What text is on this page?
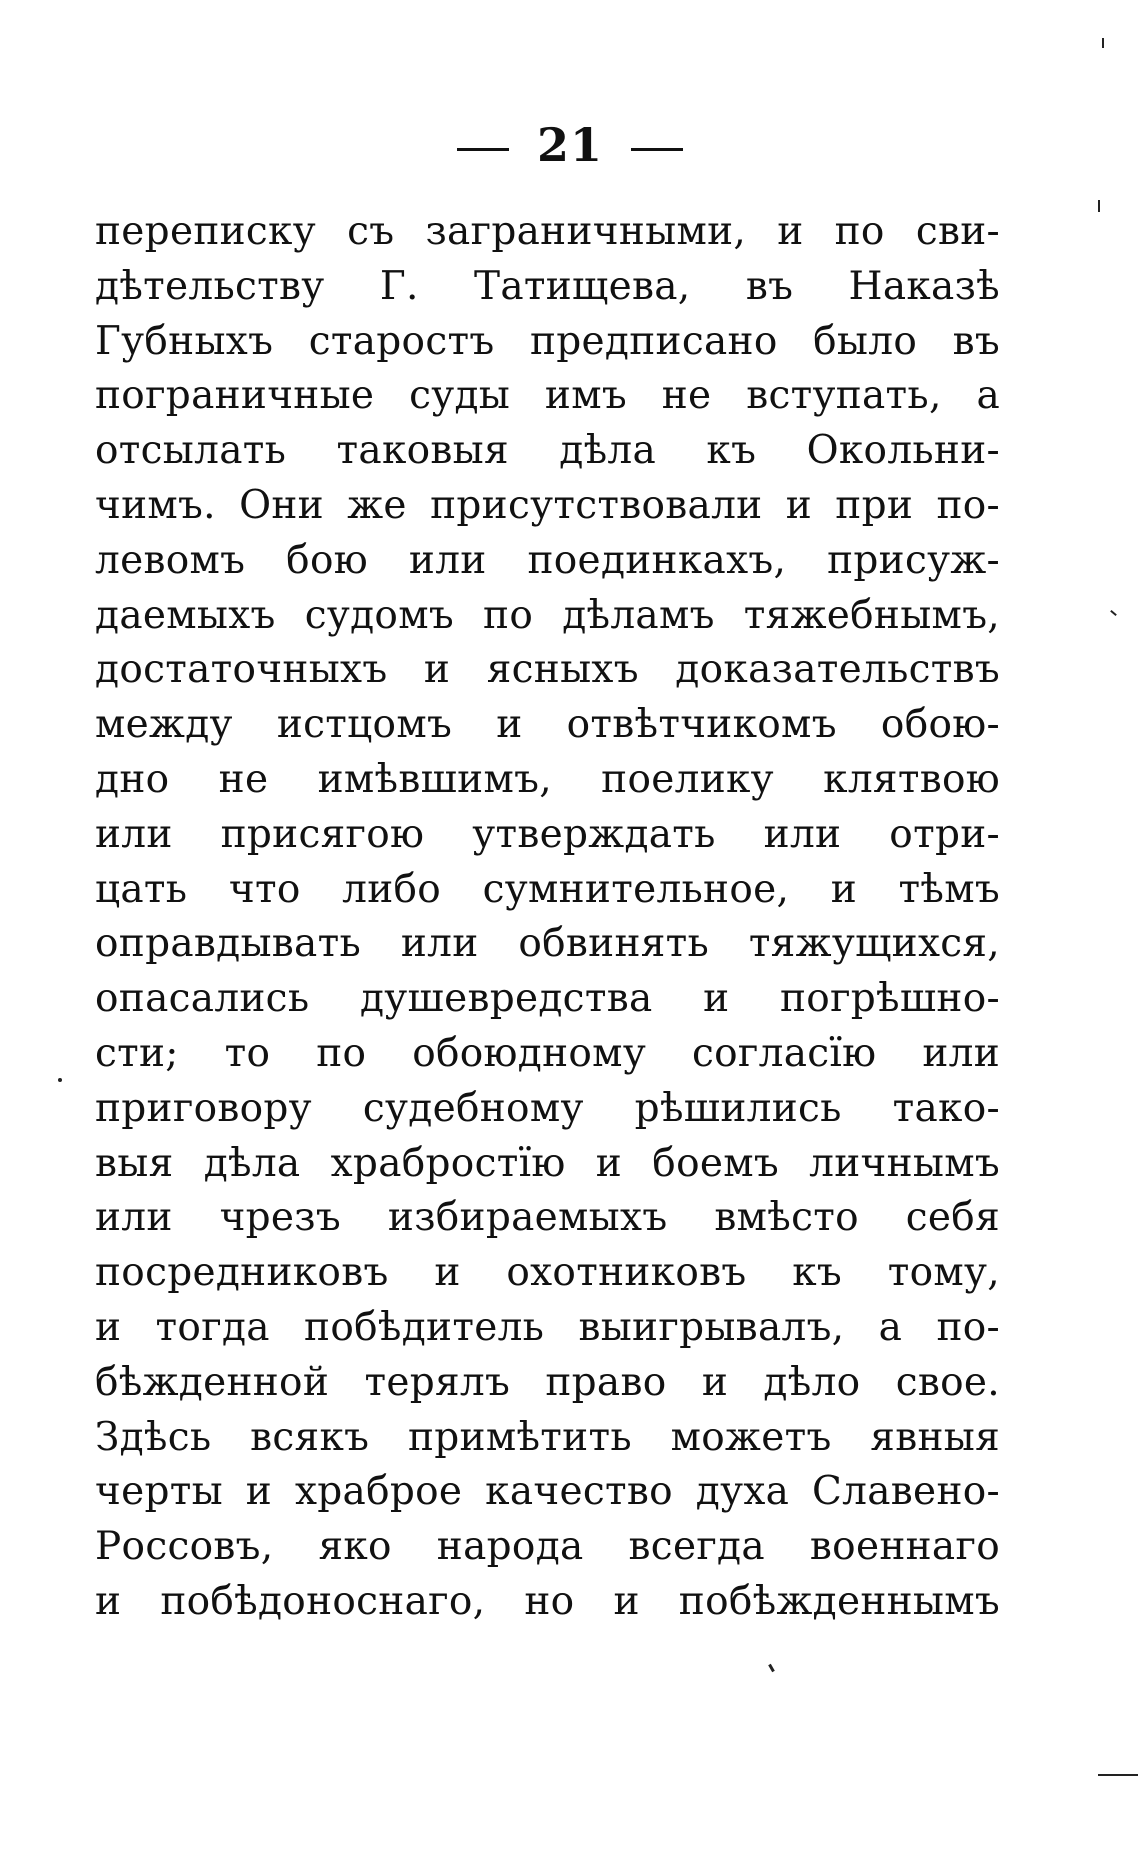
21
переписку съ заграничными, и по сви-
дѣтельству Г. Татищева, въ Наказѣ
Губныхъ старостъ предписано было въ
пограничные суды имъ не вступать, а
отсылать таковыя дѣла къ Окольни-
чимъ. Они же присутствовали и при по-
левомъ бою или поединкахъ, присуж-
даемыхъ судомъ по дѣламъ тяжебнымъ,
достаточныхъ и ясныхъ доказательствъ
между истцомъ и отвѣтчикомъ обою-
дно не имѣвшимъ, поелику клятвою
или присягою утверждать или отри-
цать что либо сумнительное, и тѣмъ
оправдывать или обвинять тяжущихся,
опасались душевредства и погрѣшно-
сти; то по обоюдному согласїю или
приговору судебному рѣшились тако-
выя дѣла храбростїю и боемъ личнымъ
или чрезъ избираемыхъ вмѣсто себя
посредниковъ и охотниковъ къ тому,
и тогда побѣдитель выигрывалъ, а по-
бѣжденной терялъ право и дѣло свое.
Здѣсь всякъ примѣтить можетъ явныя
черты и храброе качество духа Славено-
Россовъ, яко народа всегда военнаго
и побѣдоноснаго, но и побѣжденнымъ
